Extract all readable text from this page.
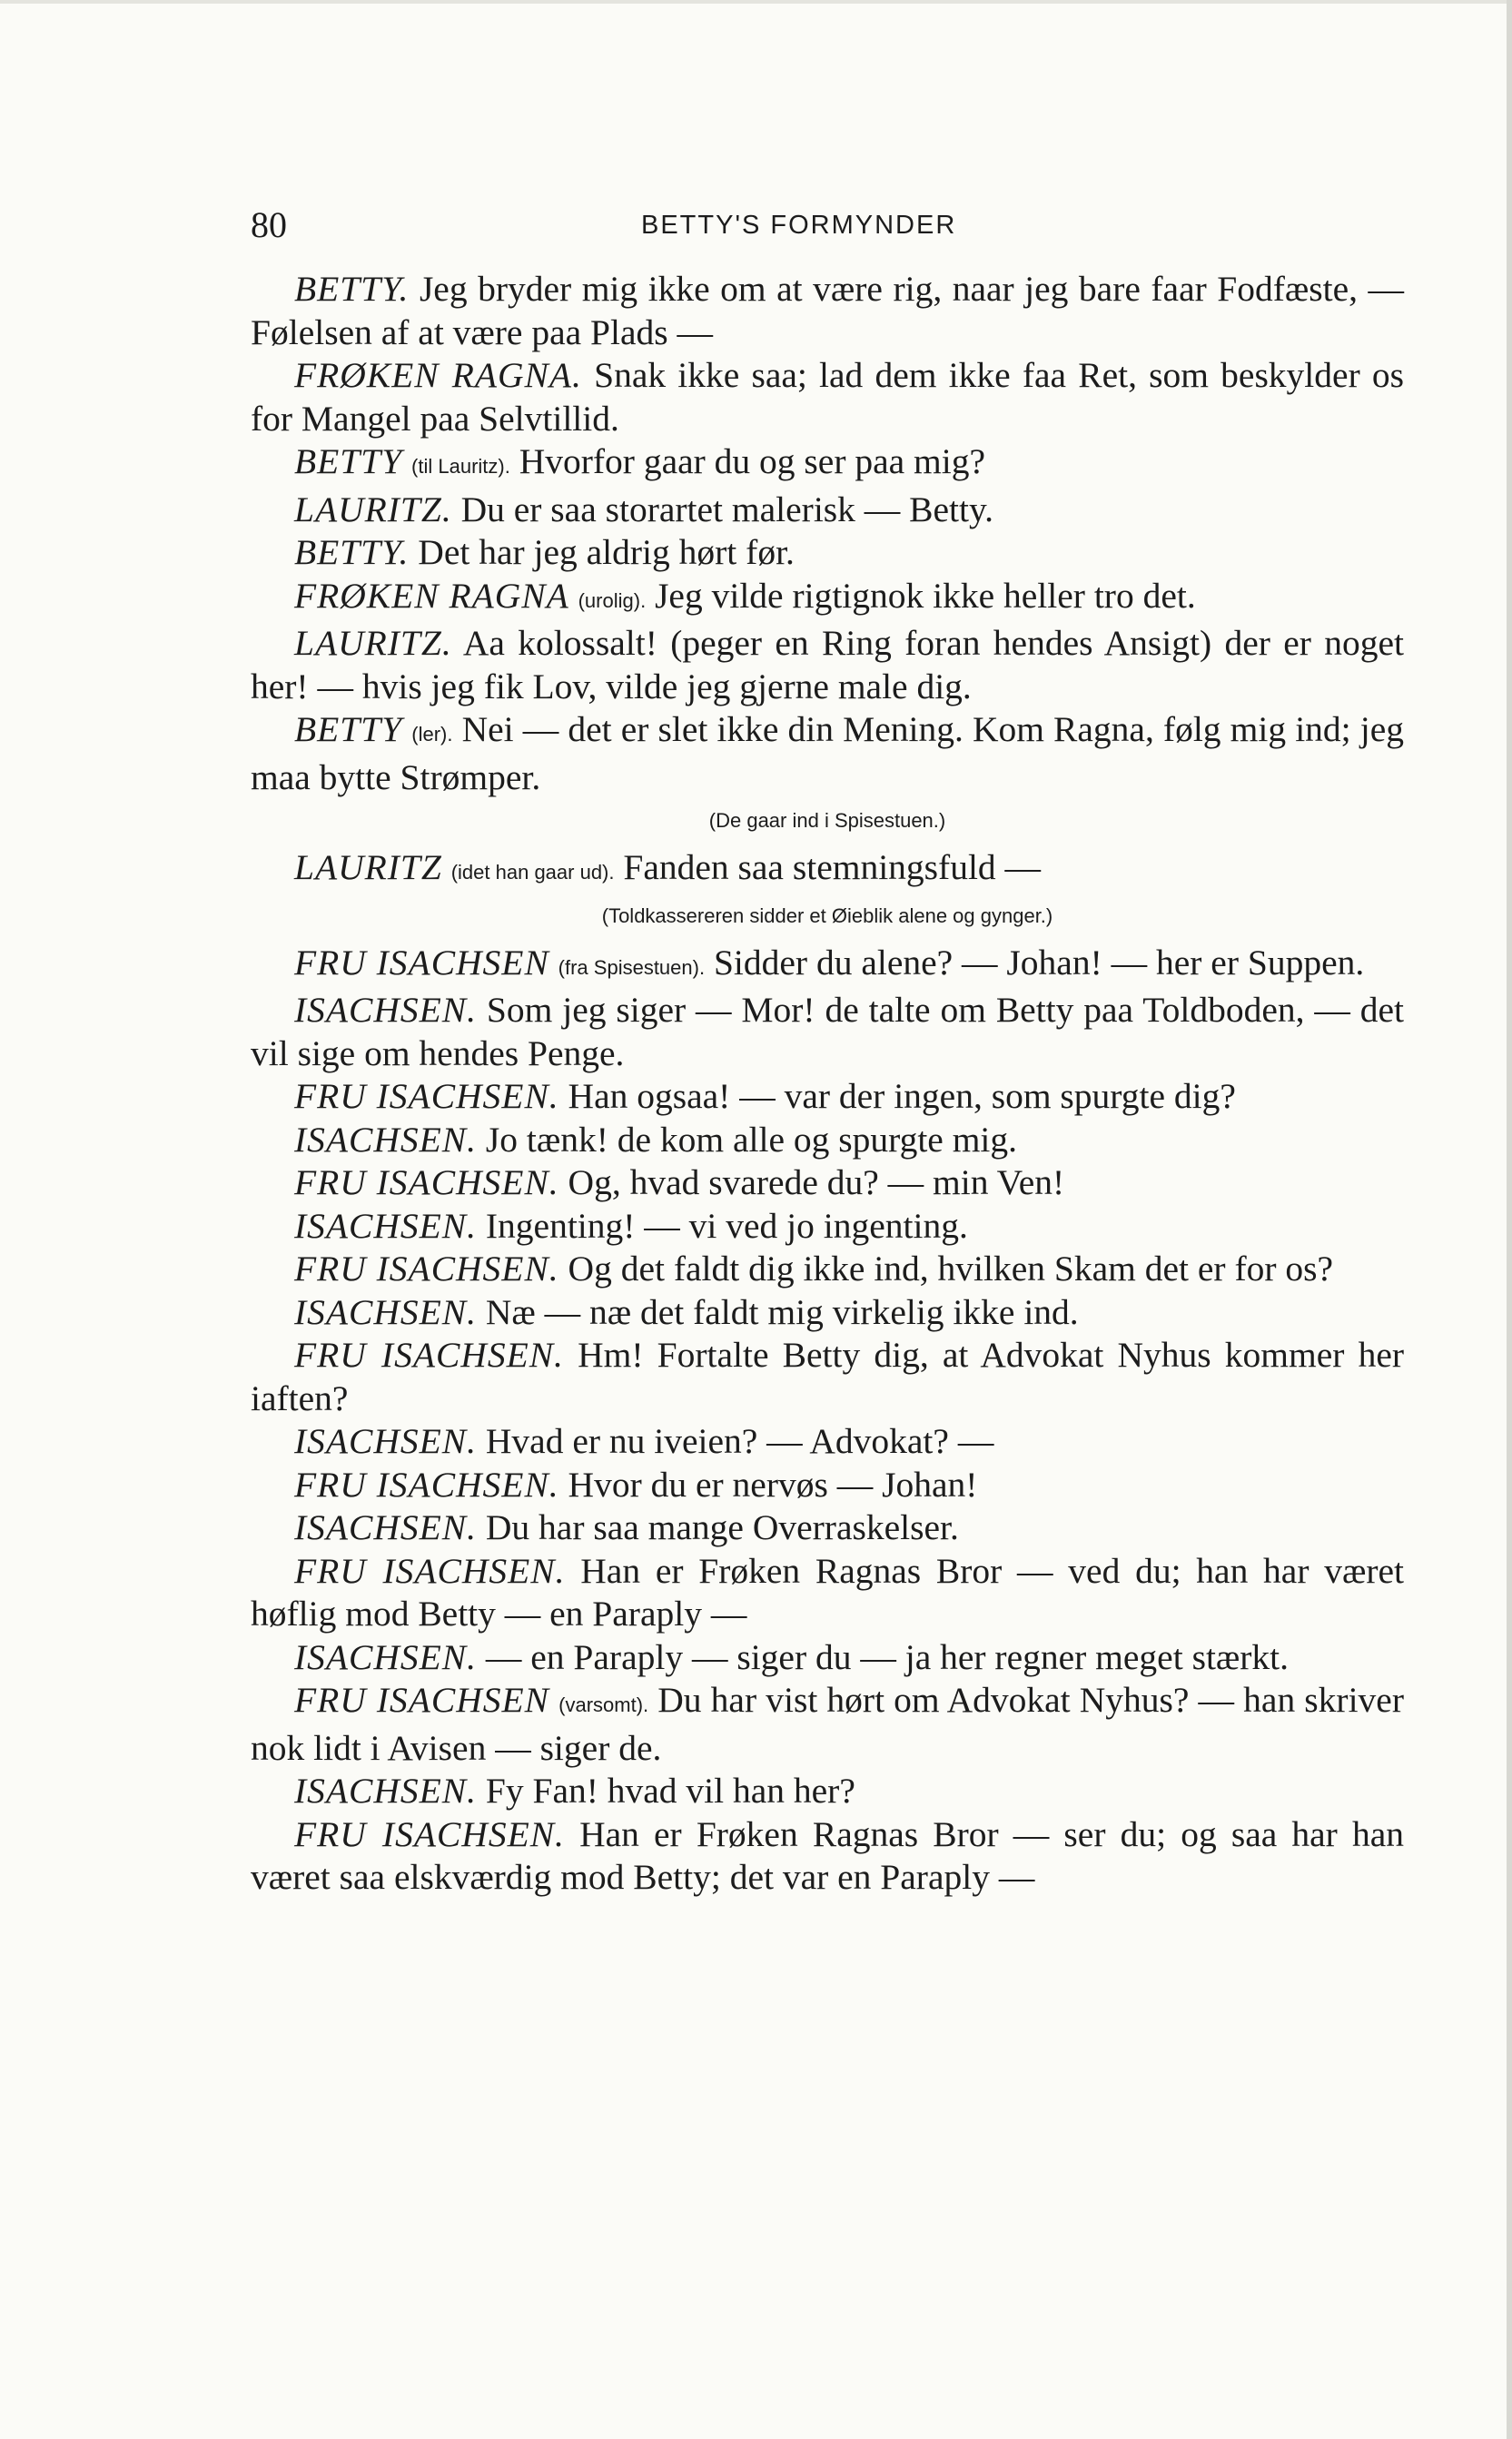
80	BETTY'S FORMYNDER

BETTY. Jeg bryder mig ikke om at være rig, naar jeg bare faar Fodfæste, — Følelsen af at være paa Plads —

FRØKEN RAGNA. Snak ikke saa; lad dem ikke faa Ret, som beskylder os for Mangel paa Selvtillid.

BETTY (til Lauritz). Hvorfor gaar du og ser paa mig?

LAURITZ. Du er saa storartet malerisk — Betty.

BETTY. Det har jeg aldrig hørt før.

FRØKEN RAGNA (urolig). Jeg vilde rigtignok ikke heller tro det.

LAURITZ. Aa kolossalt! (peger en Ring foran hendes Ansigt) der er noget her! — hvis jeg fik Lov, vilde jeg gjerne male dig.

BETTY (ler). Nei — det er slet ikke din Mening. Kom Ragna, følg mig ind; jeg maa bytte Strømper.

(De gaar ind i Spisestuen.)

LAURITZ (idet han gaar ud). Fanden saa stemningsfuld —

(Toldkassereren sidder et Øieblik alene og gynger.)

FRU ISACHSEN (fra Spisestuen). Sidder du alene? — Johan! — her er Suppen.

ISACHSEN. Som jeg siger — Mor! de talte om Betty paa Toldboden, — det vil sige om hendes Penge.

FRU ISACHSEN. Han ogsaa! — var der ingen, som spurgte dig?

ISACHSEN. Jo tænk! de kom alle og spurgte mig.

FRU ISACHSEN. Og, hvad svarede du? — min Ven!

ISACHSEN. Ingenting! — vi ved jo ingenting.

FRU ISACHSEN. Og det faldt dig ikke ind, hvilken Skam det er for os?

ISACHSEN. Næ — næ det faldt mig virkelig ikke ind.

FRU ISACHSEN. Hm! Fortalte Betty dig, at Advokat Nyhus kommer her iaften?

ISACHSEN. Hvad er nu iveien? — Advokat? —

FRU ISACHSEN. Hvor du er nervøs — Johan!

ISACHSEN. Du har saa mange Overraskelser.

FRU ISACHSEN. Han er Frøken Ragnas Bror — ved du; han har været høflig mod Betty — en Paraply —

ISACHSEN. — en Paraply — siger du — ja her regner meget stærkt.

FRU ISACHSEN (varsomt). Du har vist hørt om Advokat Nyhus? — han skriver nok lidt i Avisen — siger de.

ISACHSEN. Fy Fan! hvad vil han her?

FRU ISACHSEN. Han er Frøken Ragnas Bror — ser du; og saa har han været saa elskværdig mod Betty; det var en Paraply —
